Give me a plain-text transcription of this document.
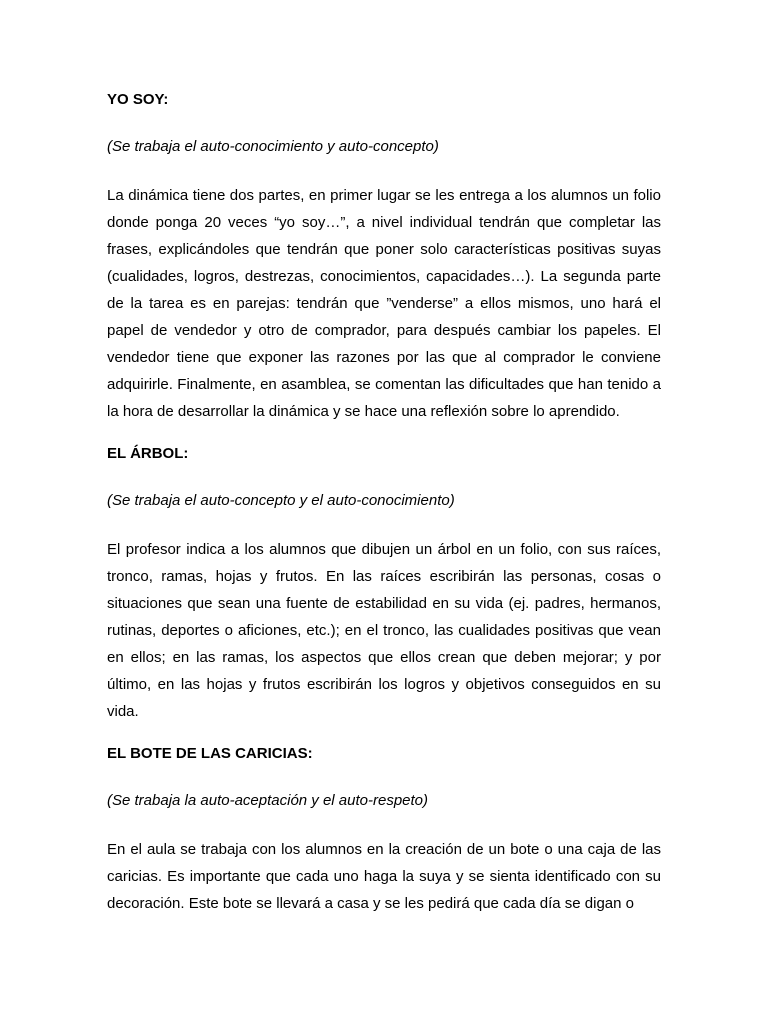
YO SOY:
(Se trabaja el auto-conocimiento y auto-concepto)
La dinámica tiene dos partes, en primer lugar se les entrega a los alumnos un folio donde ponga 20 veces “yo soy…”, a nivel individual tendrán que completar las frases, explicándoles que tendrán que poner solo características positivas suyas (cualidades, logros, destrezas, conocimientos, capacidades…). La segunda parte de la tarea es en parejas: tendrán que ”venderse” a ellos mismos, uno hará el papel de vendedor y otro de comprador, para después cambiar los papeles. El vendedor tiene que exponer las razones por las que al comprador le conviene adquirirle. Finalmente, en asamblea, se comentan las dificultades que han tenido a la hora de desarrollar la dinámica y se hace una reflexión sobre lo aprendido.
EL ÁRBOL:
(Se trabaja el auto-concepto y el auto-conocimiento)
El profesor indica a los alumnos que dibujen un árbol en un folio, con sus raíces, tronco, ramas, hojas y frutos. En las raíces escribirán las personas, cosas o situaciones que sean una fuente de estabilidad en su vida (ej. padres, hermanos, rutinas, deportes o aficiones, etc.); en el tronco, las cualidades positivas que vean en ellos; en las ramas, los aspectos que ellos crean que deben mejorar; y por último, en las hojas y frutos escribirán los logros y objetivos conseguidos en su vida.
EL BOTE DE LAS CARICIAS:
(Se trabaja la auto-aceptación y el auto-respeto)
En el aula se trabaja con los alumnos en la creación de un bote o una caja de las caricias. Es importante que cada uno haga la suya y se sienta identificado con su decoración. Este bote se llevará a casa y se les pedirá que cada día se digan o
